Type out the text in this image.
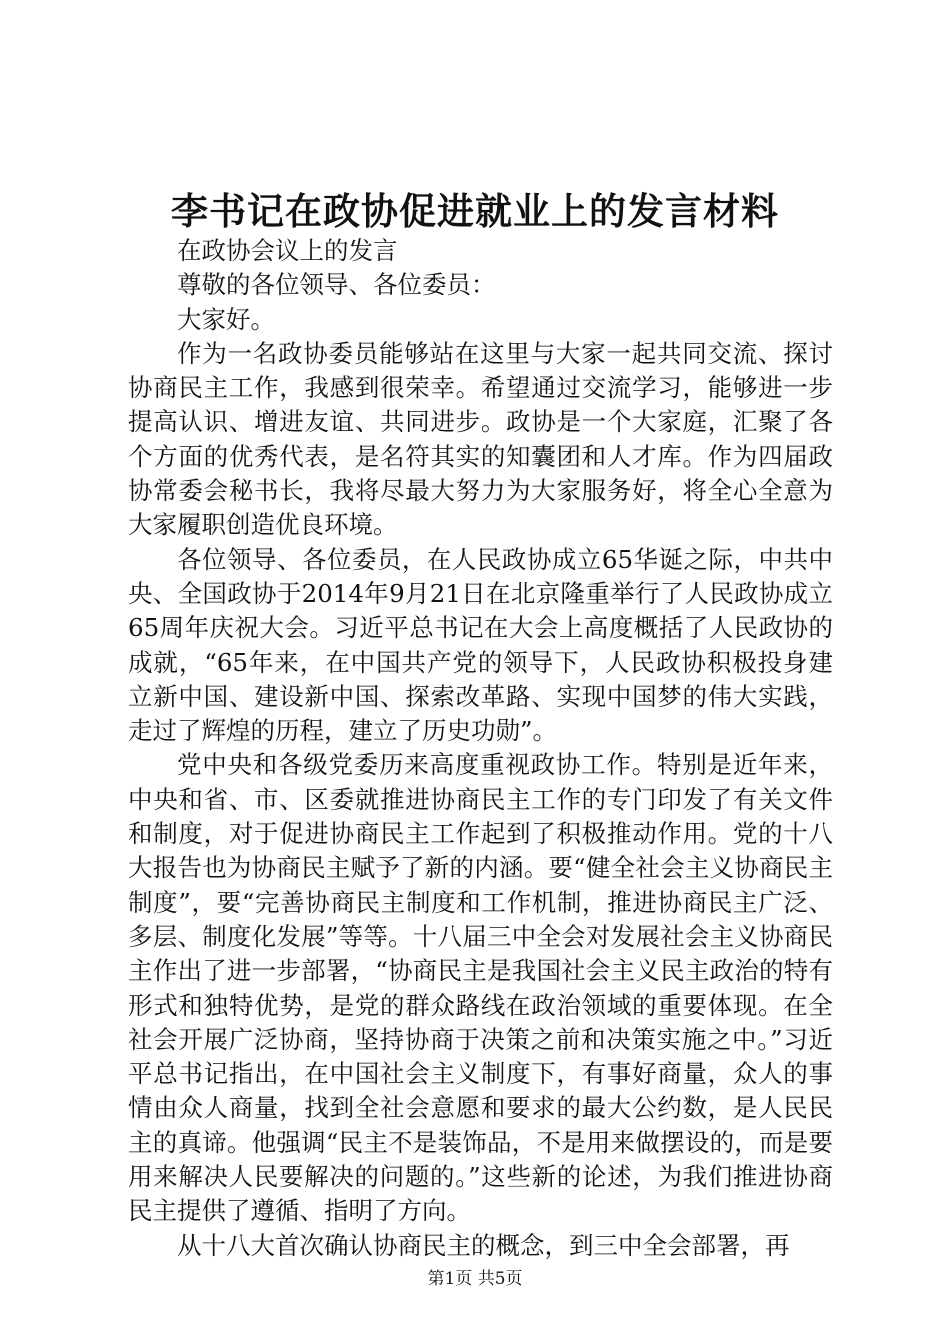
李书记在政协促进就业上的发言材料

在政协会议上的发言

尊敬的各位领导、各位委员：

大家好。

作为一名政协委员能够站在这里与大家一起共同交流、探讨协商民主工作，我感到很荣幸。希望通过交流学习，能够进一步提高认识、增进友谊、共同进步。政协是一个大家庭，汇聚了各个方面的优秀代表，是名符其实的知囊团和人才库。作为四届政协常委会秘书长，我将尽最大努力为大家服务好，将全心全意为大家履职创造优良环境。

各位领导、各位委员，在人民政协成立65华诞之际，中共中央、全国政协于2014年9月21日在北京隆重举行了人民政协成立65周年庆祝大会。习近平总书记在大会上高度概括了人民政协的成就，“65年来，在中国共产党的领导下，人民政协积极投身建立新中国、建设新中国、探索改革路、实现中国梦的伟大实践，走过了辉煌的历程，建立了历史功勋”。

党中央和各级党委历来高度重视政协工作。特别是近年来，中央和省、市、区委就推进协商民主工作的专门印发了有关文件和制度，对于促进协商民主工作起到了积极推动作用。党的十八大报告也为协商民主赋予了新的内涵。要“健全社会主义协商民主制度”，要“完善协商民主制度和工作机制，推进协商民主广泛、多层、制度化发展”等等。十八届三中全会对发展社会主义协商民主作出了进一步部署，“协商民主是我国社会主义民主政治的特有形式和独特优势，是党的群众路线在政治领域的重要体现。在全社会开展广泛协商，坚持协商于决策之前和决策实施之中。”习近平总书记指出，在中国社会主义制度下，有事好商量，众人的事情由众人商量，找到全社会意愿和要求的最大公约数，是人民民主的真谛。他强调“民主不是装饰品，不是用来做摆设的，而是要用来解决人民要解决的问题的。”这些新的论述，为我们推进协商民主提供了遵循、指明了方向。

从十八大首次确认协商民主的概念，到三中全会部署，再

第1页 共5页
